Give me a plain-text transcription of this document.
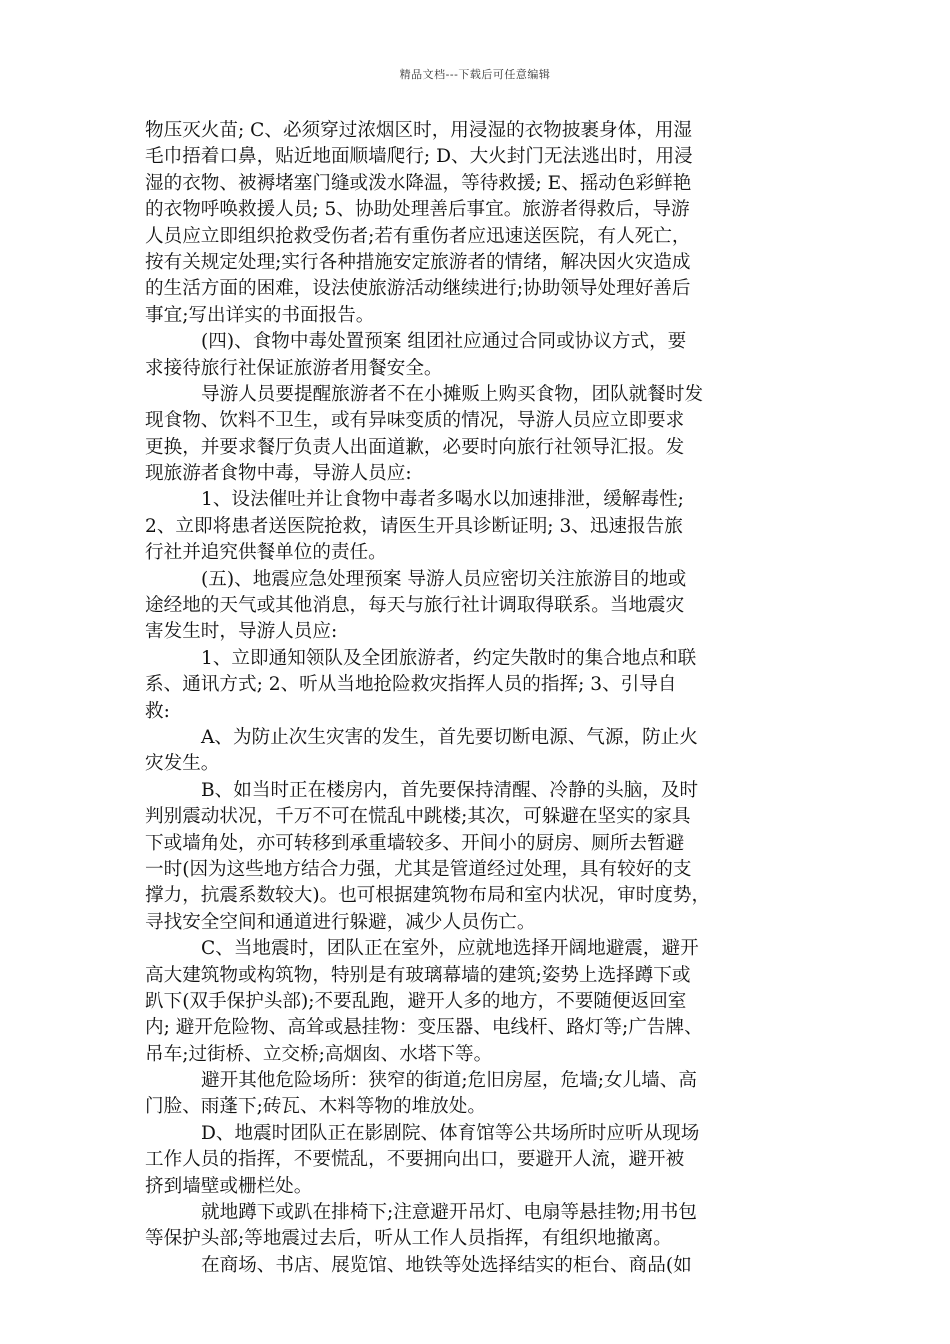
精品文档---下载后可任意编辑
物压灭火苗; C、必须穿过浓烟区时，用浸湿的衣物披裹身体，用湿
毛巾捂着口鼻，贴近地面顺墙爬行; D、大火封门无法逃出时，用浸
湿的衣物、被褥堵塞门缝或泼水降温，等待救援; E、摇动色彩鲜艳
的衣物呼唤救援人员; 5、协助处理善后事宜。旅游者得救后，导游
人员应立即组织抢救受伤者;若有重伤者应迅速送医院，有人死亡，
按有关规定处理;实行各种措施安定旅游者的情绪，解决因火灾造成
的生活方面的困难，设法使旅游活动继续进行;协助领导处理好善后
事宜;写出详实的书面报告。
(四)、食物中毒处置预案 组团社应通过合同或协议方式，要
求接待旅行社保证旅游者用餐安全。
导游人员要提醒旅游者不在小摊贩上购买食物，团队就餐时发
现食物、饮料不卫生，或有异味变质的情况，导游人员应立即要求
更换，并要求餐厅负责人出面道歉，必要时向旅行社领导汇报。发
现旅游者食物中毒，导游人员应:
1、设法催吐并让食物中毒者多喝水以加速排泄，缓解毒性;
2、立即将患者送医院抢救，请医生开具诊断证明; 3、迅速报告旅
行社并追究供餐单位的责任。
(五)、地震应急处理预案 导游人员应密切关注旅游目的地或
途经地的天气或其他消息，每天与旅行社计调取得联系。当地震灾
害发生时，导游人员应:
1、立即通知领队及全团旅游者，约定失散时的集合地点和联
系、通讯方式; 2、听从当地抢险救灾指挥人员的指挥; 3、引导自
救:
A、为防止次生灾害的发生，首先要切断电源、气源，防止火
灾发生。
B、如当时正在楼房内，首先要保持清醒、冷静的头脑，及时
判别震动状况，千万不可在慌乱中跳楼;其次，可躲避在坚实的家具
下或墙角处，亦可转移到承重墙较多、开间小的厨房、厕所去暂避
一时(因为这些地方结合力强，尤其是管道经过处理，具有较好的支
撑力，抗震系数较大)。也可根据建筑物布局和室内状况，审时度势，
寻找安全空间和通道进行躲避，减少人员伤亡。
C、当地震时，团队正在室外，应就地选择开阔地避震，避开
高大建筑物或构筑物，特别是有玻璃幕墙的建筑;姿势上选择蹲下或
趴下(双手保护头部);不要乱跑，避开人多的地方，不要随便返回室
内; 避开危险物、高耸或悬挂物：变压器、电线杆、路灯等;广告牌、
吊车;过街桥、立交桥;高烟囱、水塔下等。
避开其他危险场所：狭窄的街道;危旧房屋，危墙;女儿墙、高
门脸、雨蓬下;砖瓦、木料等物的堆放处。
D、地震时团队正在影剧院、体育馆等公共场所时应听从现场
工作人员的指挥，不要慌乱，不要拥向出口，要避开人流，避开被
挤到墙壁或栅栏处。
就地蹲下或趴在排椅下;注意避开吊灯、电扇等悬挂物;用书包
等保护头部;等地震过去后，听从工作人员指挥，有组织地撤离。
在商场、书店、展览馆、地铁等处选择结实的柜台、商品(如
